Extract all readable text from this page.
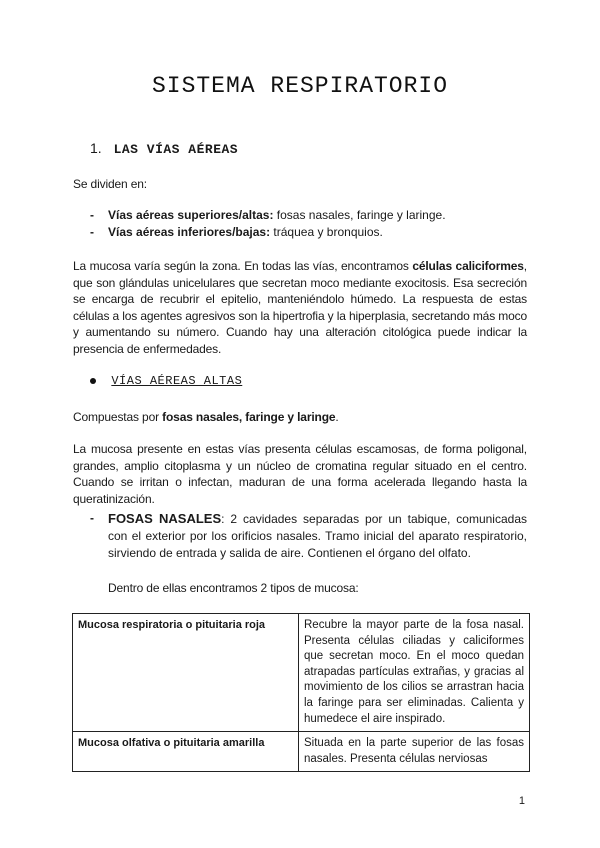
SISTEMA RESPIRATORIO
1. LAS VÍAS AÉREAS
Se dividen en:
- Vías aéreas superiores/altas: fosas nasales, faringe y laringe.
- Vías aéreas inferiores/bajas: tráquea y bronquios.
La mucosa varía según la zona. En todas las vías, encontramos células caliciformes, que son glándulas unicelulares que secretan moco mediante exocitosis. Esa secreción se encarga de recubrir el epitelio, manteniéndolo húmedo. La respuesta de estas células a los agentes agresivos son la hipertrofia y la hiperplasia, secretando más moco y aumentando su número. Cuando hay una alteración citológica puede indicar la presencia de enfermedades.
VÍAS AÉREAS ALTAS
Compuestas por fosas nasales, faringe y laringe.
La mucosa presente en estas vías presenta células escamosas, de forma poligonal, grandes, amplio citoplasma y un núcleo de cromatina regular situado en el centro. Cuando se irritan o infectan, maduran de una forma acelerada llegando hasta la queratinización.
- FOSAS NASALES: 2 cavidades separadas por un tabique, comunicadas con el exterior por los orificios nasales. Tramo inicial del aparato respiratorio, sirviendo de entrada y salida de aire. Contienen el órgano del olfato.
Dentro de ellas encontramos 2 tipos de mucosa:
Mucosa respiratoria o pituitaria roja	Recubre la mayor parte de la fosa nasal. Presenta células ciliadas y caliciformes que secretan moco. En el moco quedan atrapadas partículas extrañas, y gracias al movimiento de los cilios se arrastran hacia la faringe para ser eliminadas. Calienta y humedece el aire inspirado.
Mucosa olfativa o pituitaria amarilla	Situada en la parte superior de las fosas nasales. Presenta células nerviosas
1
